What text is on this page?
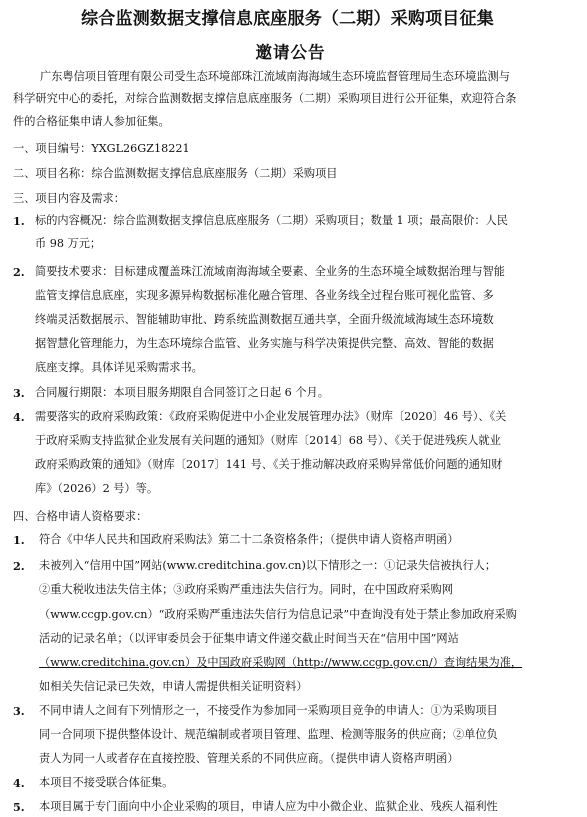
综合监测数据支撑信息底座服务（二期）采购项目征集
邀请公告
广东粤信项目管理有限公司受生态环境部珠江流域南海海域生态环境监督管理局生态环境监测与
科学研究中心的委托，对综合监测数据支撑信息底座服务（二期）采购项目进行公开征集，欢迎符合条
件的合格征集申请人参加征集。
一、项目编号：YXGL26GZ18221
二、项目名称：综合监测数据支撑信息底座服务（二期）采购项目
三、项目内容及需求：
1. 标的内容概况：综合监测数据支撑信息底座服务（二期）采购项目；数量 1 项；最高限价：人民
币 98 万元；
2. 简要技术要求：目标建成覆盖珠江流域南海海域全要素、全业务的生态环境全域数据治理与智能
监管支撑信息底座，实现多源异构数据标准化融合管理、各业务线全过程台账可视化监管、多
终端灵活数据展示、智能辅助审批、跨系统监测数据互通共享，全面升级流域海域生态环境数
据智慧化管理能力，为生态环境综合监管、业务实施与科学决策提供完整、高效、智能的数据
底座支撑。具体详见采购需求书。
3. 合同履行期限：本项目服务期限自合同签订之日起 6 个月。
4. 需要落实的政府采购政策：《政府采购促进中小企业发展管理办法》（财库〔2020〕46 号）、《关
于政府采购支持监狱企业发展有关问题的通知》（财库〔2014〕68 号）、《关于促进残疾人就业
政府采购政策的通知》（财库〔2017〕141 号、《关于推动解决政府采购异常低价问题的通知财
库》（2026）2 号）等。
四、合格申请人资格要求：
1. 符合《中华人民共和国政府采购法》第二十二条资格条件；（提供申请人资格声明函）
2. 未被列入“信用中国”网站(www.creditchina.gov.cn)以下情形之一：①记录失信被执行人；
②重大税收违法失信主体；③政府采购严重违法失信行为。同时，在中国政府采购网
（www.ccgp.gov.cn）“政府采购严重违法失信行为信息记录”中查询没有处于禁止参加政府采购
活动的记录名单；（以评审委员会于征集申请文件递交截止时间当天在“信用中国”网站
（www.creditchina.gov.cn）及中国政府采购网（http://www.ccgp.gov.cn/）查询结果为准，
如相关失信记录已失效，申请人需提供相关证明资料）
3. 不同申请人之间有下列情形之一，不接受作为参加同一采购项目竞争的申请人：①为采购项目
同一合同项下提供整体设计、规范编制或者项目管理、监理、检测等服务的供应商；②单位负
责人为同一人或者存在直接控股、管理关系的不同供应商。（提供申请人资格声明函）
4. 本项目不接受联合体征集。
5. 本项目属于专门面向中小企业采购的项目，申请人应为中小微企业、监狱企业、残疾人福利性
